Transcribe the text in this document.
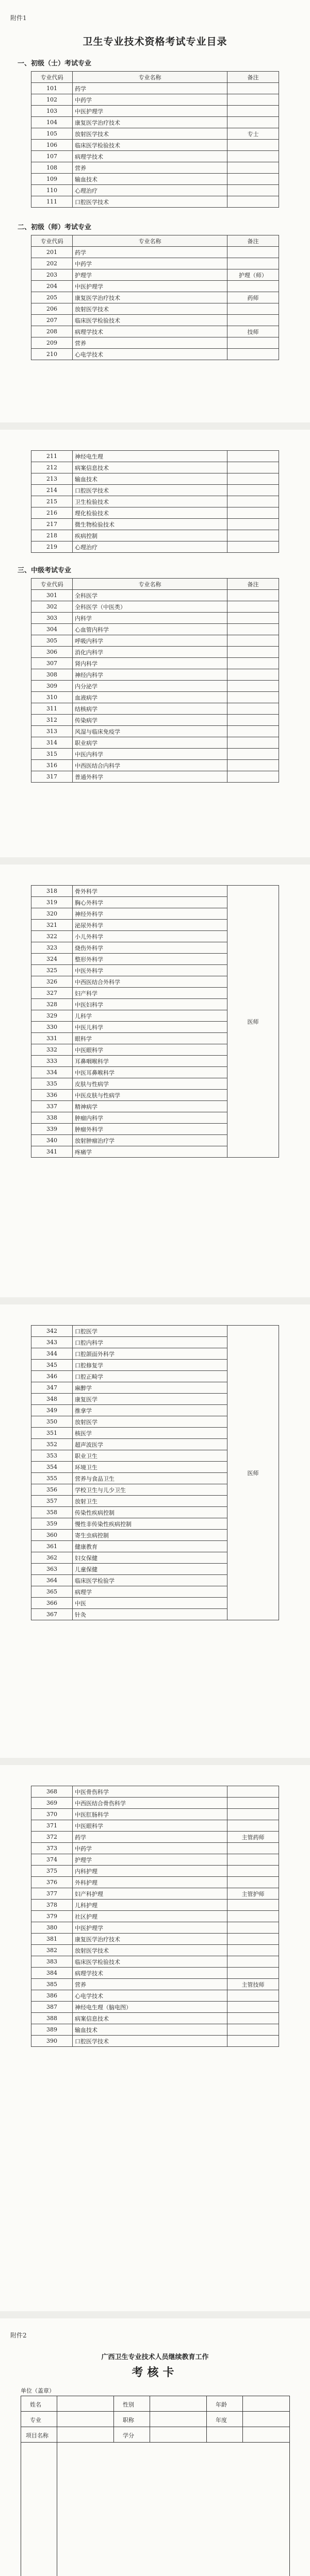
附件1
卫生专业技术资格考试专业目录
一、初级（士）考试专业
专业代码	专业名称	备注
101	药学	
102	中药学	
103	中医护理学	
104	康复医学治疗技术	
105	放射医学技术	专士
106	临床医学检验技术	
107	病理学技术	
108	营养	
109	输血技术	
110	心理治疗	
111	口腔医学技术	
二、初级（师）考试专业
专业代码	专业名称	备注
201	药学	
202	中药学	
203	护理学	护理（师）
204	中医护理学	
205	康复医学治疗技术	药师
206	放射医学技术	
207	临床医学检验技术	
208	病理学技术	技师
209	营养	
210	心电学技术	
211	神经电生理	
212	病案信息技术	
213	输血技术	
214	口腔医学技术	
215	卫生检验技术	
216	理化检验技术	
217	微生物检验技术	
218	疾病控制	
219	心理治疗	
三、中级考试专业
专业代码	专业名称	备注
301	全科医学	
302	全科医学（中医类）	
303	内科学	
304	心血管内科学	
305	呼吸内科学	
306	消化内科学	
307	肾内科学	
308	神经内科学	
309	内分泌学	
310	血液病学	
311	结核病学	
312	传染病学	
313	风湿与临床免疫学	
314	职业病学	
315	中医内科学	
316	中西医结合内科学	
317	普通外科学	
318	骨外科学	医师
319	胸心外科学	
320	神经外科学	
321	泌尿外科学	
322	小儿外科学	
323	烧伤外科学	
324	整形外科学	
325	中医外科学	
326	中西医结合外科学	
327	妇产科学	
328	中医妇科学	
329	儿科学	
330	中医儿科学	
331	眼科学	
332	中医眼科学	
333	耳鼻咽喉科学	
334	中医耳鼻喉科学	
335	皮肤与性病学	
336	中医皮肤与性病学	
337	精神病学	
338	肿瘤内科学	
339	肿瘤外科学	
340	放射肿瘤治疗学	
341	疼痛学	
342	口腔医学	医师
343	口腔内科学	
344	口腔颌面外科学	
345	口腔修复学	
346	口腔正畸学	
347	麻醉学	
348	康复医学	
349	推拿学	
350	放射医学	
351	核医学	
352	超声波医学	
353	职业卫生	
354	环境卫生	
355	营养与食品卫生	
356	学校卫生与儿少卫生	
357	放射卫生	
358	传染性疾病控制	
359	慢性非传染性疾病控制	
360	寄生虫病控制	
361	健康教育	
362	妇女保健	
363	儿童保健	
364	临床医学检验学	
365	病理学	
366	中医	
367	针灸	
368	中医骨伤科学	
369	中西医结合骨伤科学	
370	中医肛肠科学	
371	中医眼科学	
372	药学	主管药师
373	中药学	
374	护理学	
375	内科护理	
376	外科护理	
377	妇产科护理	主管护师
378	儿科护理	
379	社区护理	
380	中医护理学	
381	康复医学治疗技术	
382	放射医学技术	
383	临床医学检验技术	
384	病理学技术	
385	营养	主管技师
386	心电学技术	
387	神经电生理（脑电图）	
388	病案信息技术	
389	输血技术	
390	口腔医学技术	
附件2
广西卫生专业技术人员继续教育工作
考核卡
单位（盖章）
姓名	性别	年龄
专业	职称	年度
项目名称	学分
